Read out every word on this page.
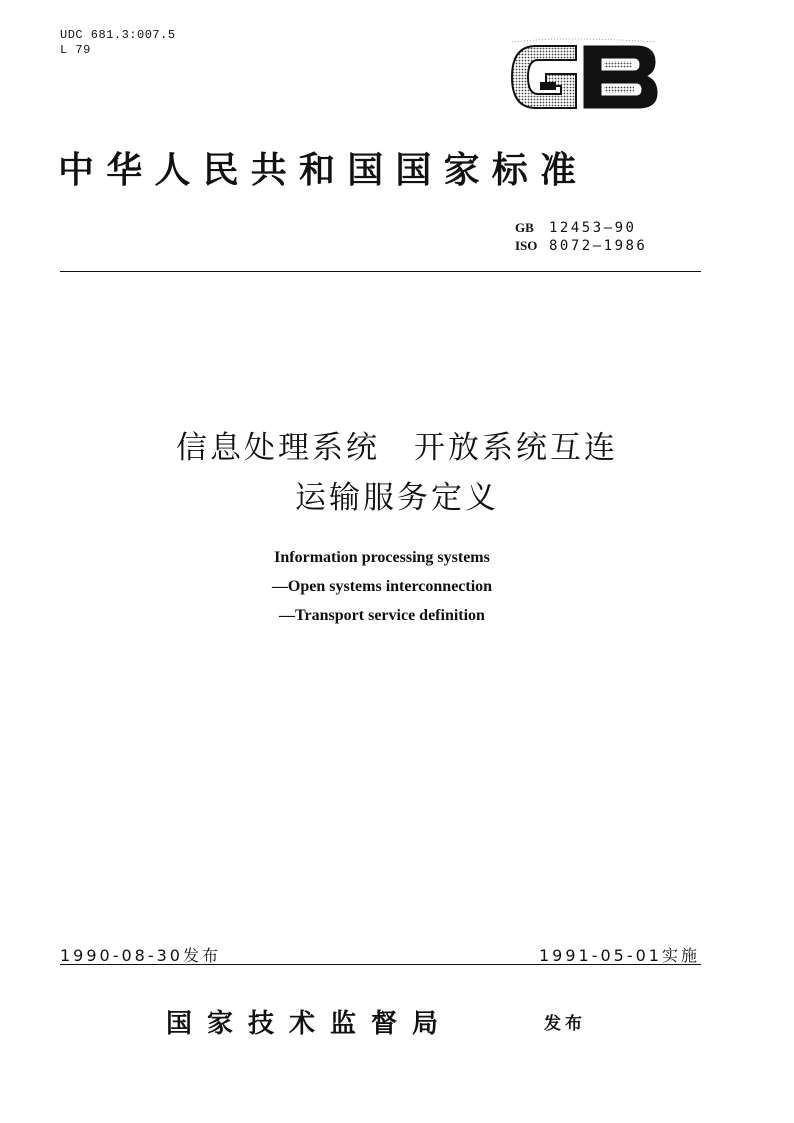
UDC 681.3:007.5
L 79
中华人民共和国国家标准
GB 12453—90
ISO 8072—1986
信息处理系统　开放系统互连
运输服务定义
Information processing systems
—Open systems interconnection
—Transport service definition
1990-08-30发布	1991-05-01实施
国家技术监督局	发布
